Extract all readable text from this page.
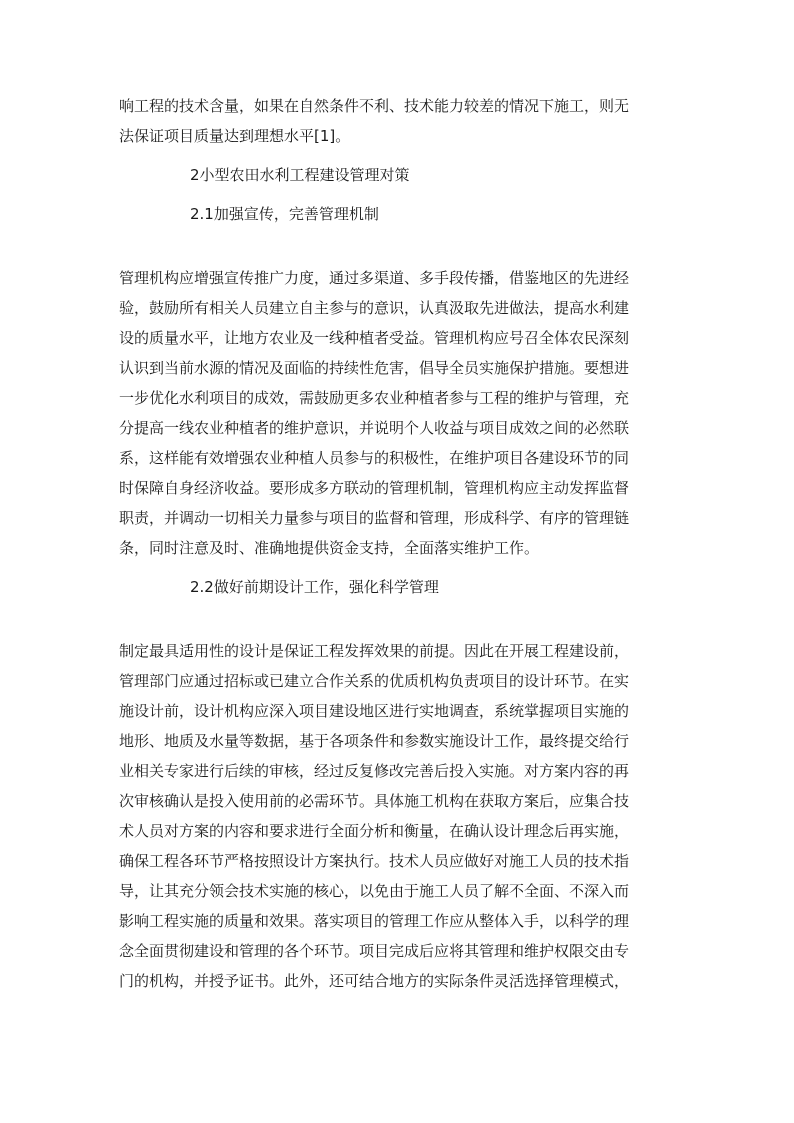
响工程的技术含量，如果在自然条件不利、技术能力较差的情况下施工，则无
法保证项目质量达到理想水平[1]。
2小型农田水利工程建设管理对策
2.1加强宣传，完善管理机制
管理机构应增强宣传推广力度，通过多渠道、多手段传播，借鉴地区的先进经
验，鼓励所有相关人员建立自主参与的意识，认真汲取先进做法，提高水利建
设的质量水平，让地方农业及一线种植者受益。管理机构应号召全体农民深刻
认识到当前水源的情况及面临的持续性危害，倡导全员实施保护措施。要想进
一步优化水利项目的成效，需鼓励更多农业种植者参与工程的维护与管理，充
分提高一线农业种植者的维护意识，并说明个人收益与项目成效之间的必然联
系，这样能有效增强农业种植人员参与的积极性，在维护项目各建设环节的同
时保障自身经济收益。要形成多方联动的管理机制，管理机构应主动发挥监督
职责，并调动一切相关力量参与项目的监督和管理，形成科学、有序的管理链
条，同时注意及时、准确地提供资金支持，全面落实维护工作。
2.2做好前期设计工作，强化科学管理
制定最具适用性的设计是保证工程发挥效果的前提。因此在开展工程建设前，
管理部门应通过招标或已建立合作关系的优质机构负责项目的设计环节。在实
施设计前，设计机构应深入项目建设地区进行实地调查，系统掌握项目实施的
地形、地质及水量等数据，基于各项条件和参数实施设计工作，最终提交给行
业相关专家进行后续的审核，经过反复修改完善后投入实施。对方案内容的再
次审核确认是投入使用前的必需环节。具体施工机构在获取方案后，应集合技
术人员对方案的内容和要求进行全面分析和衡量，在确认设计理念后再实施，
确保工程各环节严格按照设计方案执行。技术人员应做好对施工人员的技术指
导，让其充分领会技术实施的核心，以免由于施工人员了解不全面、不深入而
影响工程实施的质量和效果。落实项目的管理工作应从整体入手，以科学的理
念全面贯彻建设和管理的各个环节。项目完成后应将其管理和维护权限交由专
门的机构，并授予证书。此外，还可结合地方的实际条件灵活选择管理模式，
